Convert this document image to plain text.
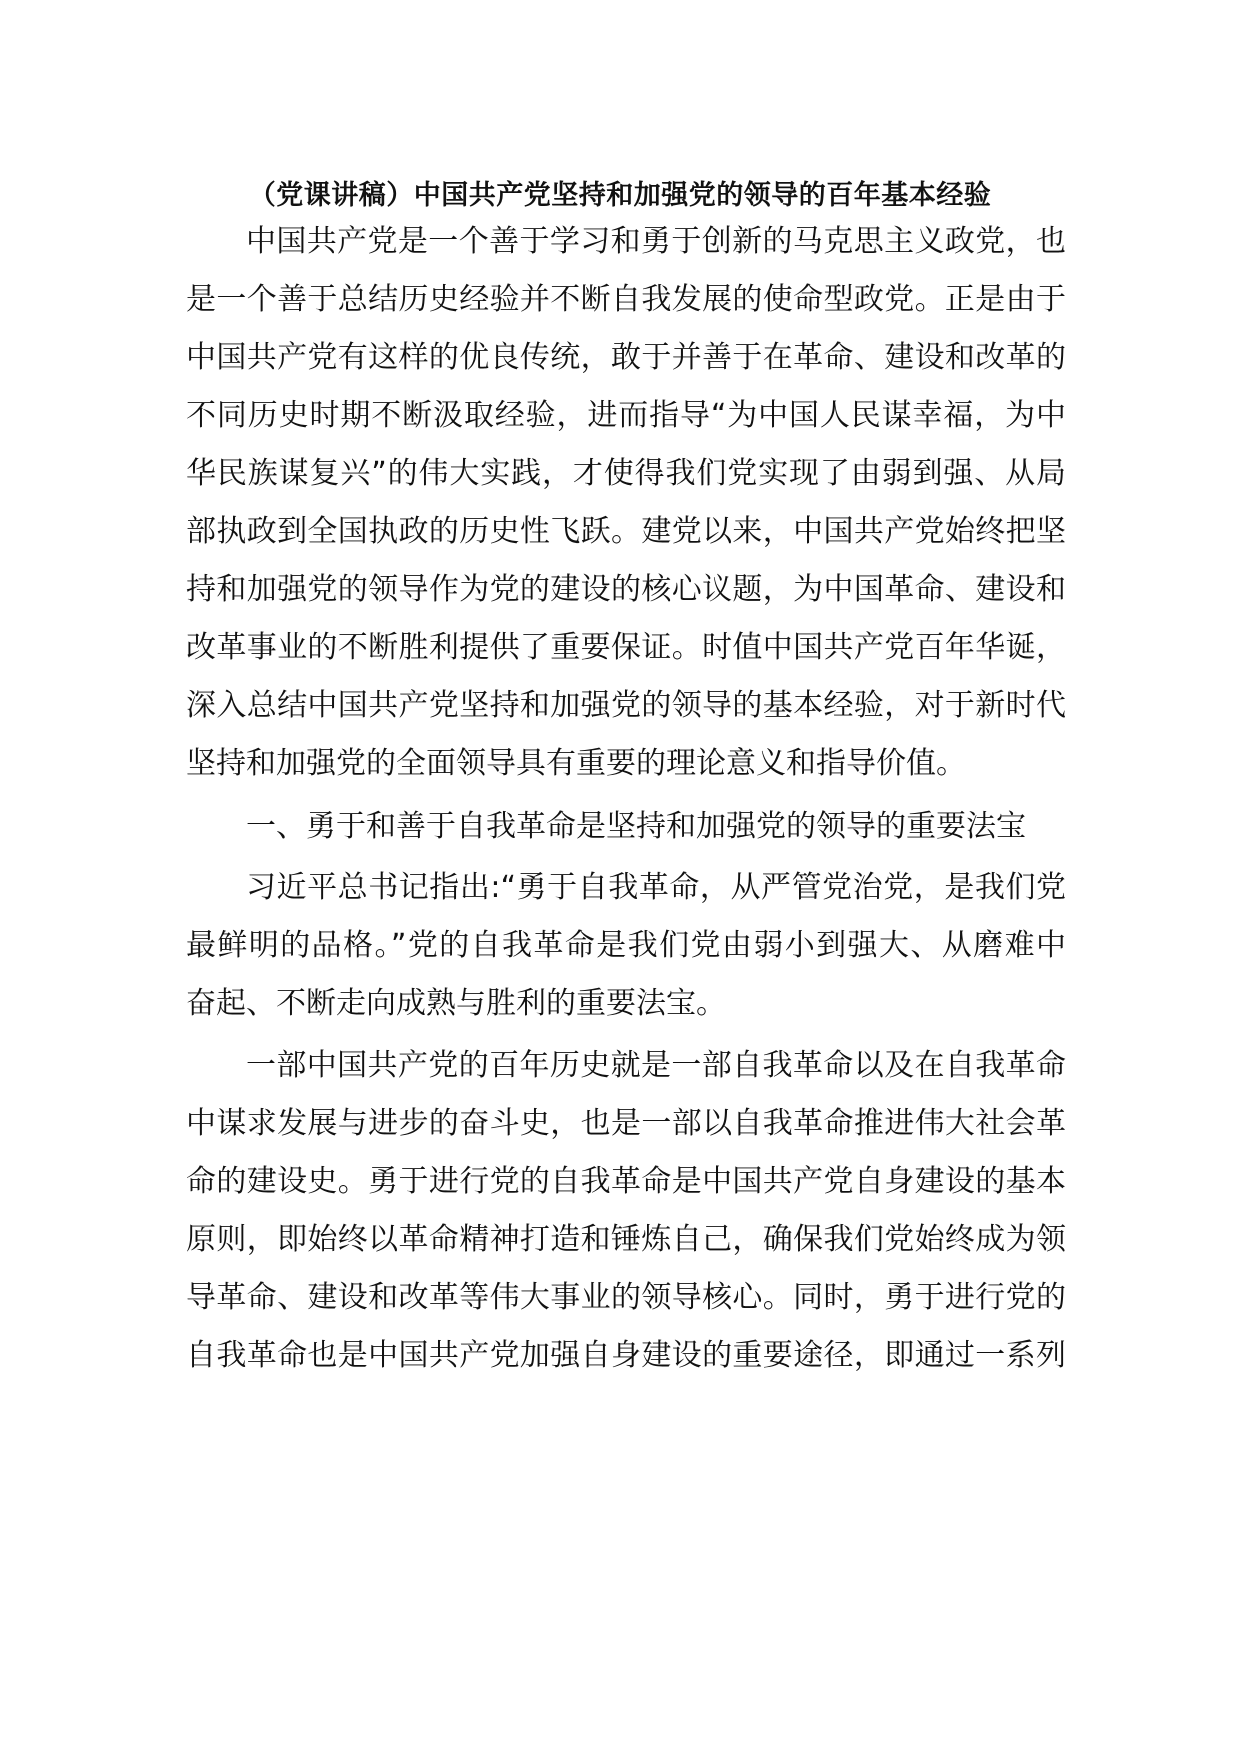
（党课讲稿）中国共产党坚持和加强党的领导的百年基本经验
中国共产党是一个善于学习和勇于创新的马克思主义政党，也
是一个善于总结历史经验并不断自我发展的使命型政党。正是由于
中国共产党有这样的优良传统，敢于并善于在革命、建设和改革的
不同历史时期不断汲取经验，进而指导“为中国人民谋幸福，为中
华民族谋复兴”的伟大实践，才使得我们党实现了由弱到强、从局
部执政到全国执政的历史性飞跃。建党以来，中国共产党始终把坚
持和加强党的领导作为党的建设的核心议题，为中国革命、建设和
改革事业的不断胜利提供了重要保证。时值中国共产党百年华诞，
深入总结中国共产党坚持和加强党的领导的基本经验，对于新时代
坚持和加强党的全面领导具有重要的理论意义和指导价值。
一、勇于和善于自我革命是坚持和加强党的领导的重要法宝
习近平总书记指出:“勇于自我革命，从严管党治党，是我们党
最鲜明的品格。”党的自我革命是我们党由弱小到强大、从磨难中
奋起、不断走向成熟与胜利的重要法宝。
一部中国共产党的百年历史就是一部自我革命以及在自我革命
中谋求发展与进步的奋斗史，也是一部以自我革命推进伟大社会革
命的建设史。勇于进行党的自我革命是中国共产党自身建设的基本
原则，即始终以革命精神打造和锤炼自己，确保我们党始终成为领
导革命、建设和改革等伟大事业的领导核心。同时，勇于进行党的
自我革命也是中国共产党加强自身建设的重要途径，即通过一系列
